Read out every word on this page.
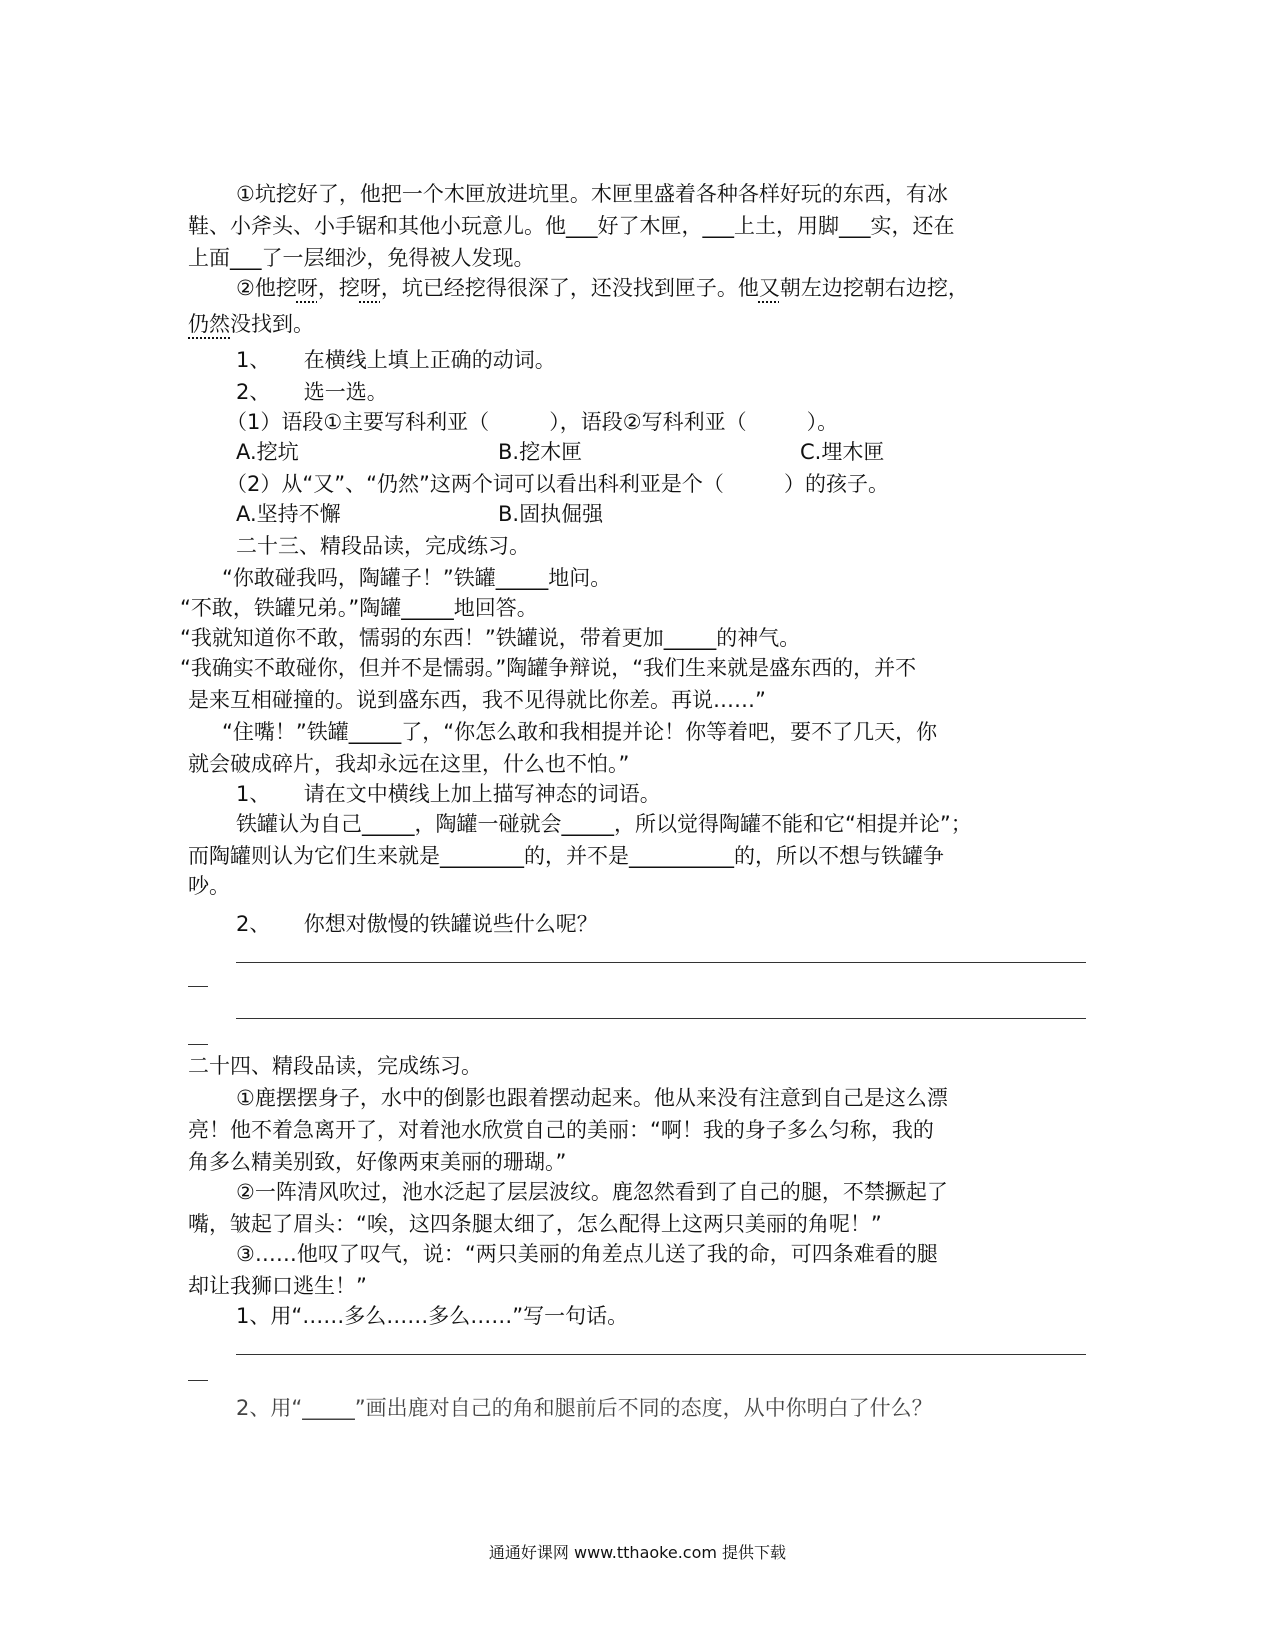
①坑挖好了，他把一个木匣放进坑里。木匣里盛着各种各样好玩的东西，有冰
鞋、小斧头、小手锯和其他小玩意儿。他___好了木匣，___上土，用脚___实，还在
上面___了一层细沙，免得被人发现。
②他挖呀，挖呀，坑已经挖得很深了，还没找到匣子。他又朝左边挖朝右边挖，
仍然没找到。
1、     在横线上填上正确的动词。
2、     选一选。
（1）语段①主要写科利亚（         ），语段②写科利亚（         ）。
A.挖坑	B.挖木匣	C.埋木匣
（2）从“又”、“仍然”这两个词可以看出科利亚是个（         ）的孩子。
A.坚持不懈	B.固执倔强
二十三、精段品读，完成练习。
“你敢碰我吗，陶罐子！”铁罐_____地问。
“不敢，铁罐兄弟。”陶罐_____地回答。
“我就知道你不敢，懦弱的东西！”铁罐说，带着更加_____的神气。
“我确实不敢碰你，但并不是懦弱。”陶罐争辩说，“我们生来就是盛东西的，并不
是来互相碰撞的。说到盛东西，我不见得就比你差。再说……”
“住嘴！”铁罐_____了，“你怎么敢和我相提并论！你等着吧，要不了几天，你
就会破成碎片，我却永远在这里，什么也不怕。”
1、     请在文中横线上加上描写神态的词语。
铁罐认为自己_____，陶罐一碰就会_____，所以觉得陶罐不能和它“相提并论”；
而陶罐则认为它们生来就是________的，并不是__________的，所以不想与铁罐争
吵。
2、     你想对傲慢的铁罐说些什么呢？
二十四、精段品读，完成练习。
①鹿摆摆身子，水中的倒影也跟着摆动起来。他从来没有注意到自己是这么漂
亮！他不着急离开了，对着池水欣赏自己的美丽：“啊！我的身子多么匀称，我的
角多么精美别致，好像两束美丽的珊瑚。”
②一阵清风吹过，池水泛起了层层波纹。鹿忽然看到了自己的腿，不禁撅起了
嘴，皱起了眉头：“唉，这四条腿太细了，怎么配得上这两只美丽的角呢！”
③……他叹了叹气，说：“两只美丽的角差点儿送了我的命，可四条难看的腿
却让我狮口逃生！”
1、用“……多么……多么……”写一句话。
2、用“_____”画出鹿对自己的角和腿前后不同的态度，从中你明白了什么？
通通好课网 www.tthaoke.com 提供下载
